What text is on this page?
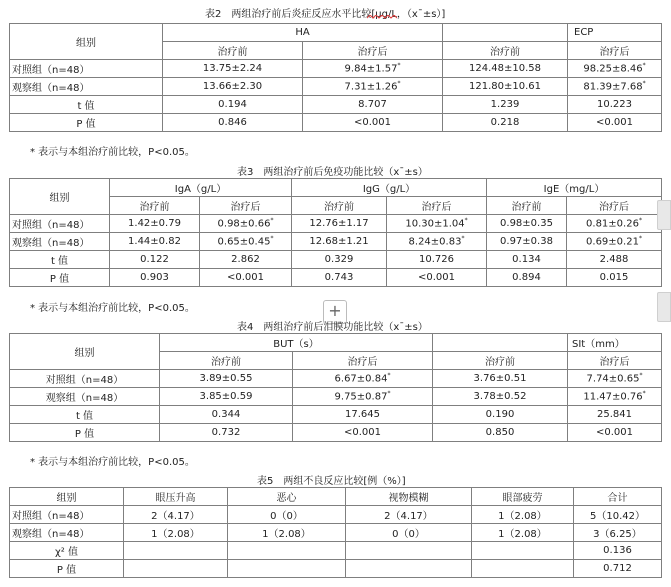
表2　两组治疗前后炎症反应水平比较[μg/L，（x¯±s）]
组别	HA			ECP
	治疗前	治疗后	治疗前	治疗后
对照组（n=48）	13.75±2.24	9.84±1.57*	124.48±10.58	98.25±8.46*
观察组（n=48）	13.66±2.30	7.31±1.26*	121.80±10.61	81.39±7.68*
t 值	0.194	8.707	1.239	10.223
P 值	0.846	<0.001	0.218	<0.001
* 表示与本组治疗前比较，P<0.05。
表3　两组治疗前后免疫功能比较（x¯±s）
组别	IgA（g/L）		IgG（g/L）		IgE（mg/L）	
	治疗前	治疗后	治疗前	治疗后	治疗前	治疗后
对照组（n=48）	1.42±0.79	0.98±0.66*	12.76±1.17	10.30±1.04*	0.98±0.35	0.81±0.26*
观察组（n=48）	1.44±0.82	0.65±0.45*	12.68±1.21	8.24±0.83*	0.97±0.38	0.69±0.21*
t 值	0.122	2.862	0.329	10.726	0.134	2.488
P 值	0.903	<0.001	0.743	<0.001	0.894	0.015
* 表示与本组治疗前比较，P<0.05。	+
表4　两组治疗前后泪膜功能比较（x¯±s）
组别	BUT（s）			SIt（mm）
	治疗前	治疗后	治疗前	治疗后
对照组（n=48）	3.89±0.55	6.67±0.84*	3.76±0.51	7.74±0.65*
观察组（n=48）	3.85±0.59	9.75±0.87*	3.78±0.52	11.47±0.76*
t 值	0.344	17.645	0.190	25.841
P 值	0.732	<0.001	0.850	<0.001
* 表示与本组治疗前比较，P<0.05。
表5　两组不良反应比较[例（%）]
组别	眼压升高	恶心	视物模糊	眼部疲劳	合计
对照组（n=48）	2（4.17）	0（0）	2（4.17）	1（2.08）	5（10.42）
观察组（n=48）	1（2.08）	1（2.08）	0（0）	1（2.08）	3（6.25）
χ² 值					0.136
P 值					0.712
